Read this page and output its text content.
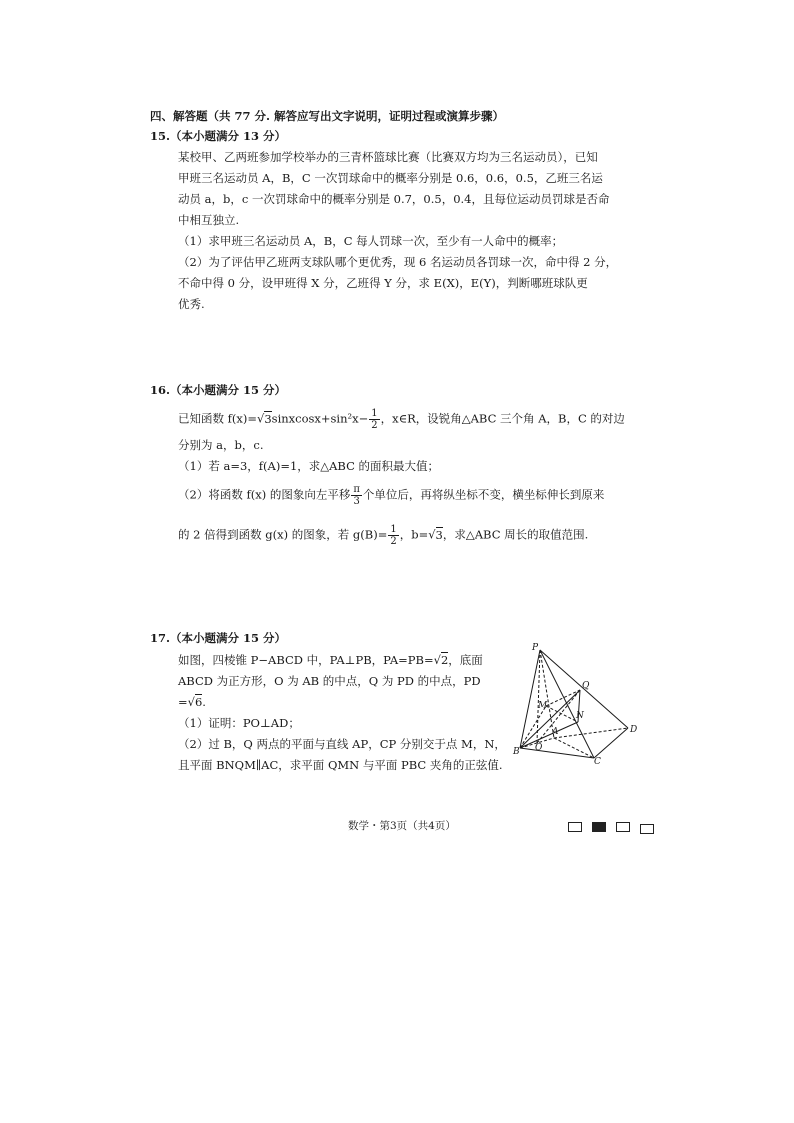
四、解答题（共 77 分. 解答应写出文字说明，证明过程或演算步骤）
15.（本小题满分 13 分）
某校甲、乙两班参加学校举办的三青杯篮球比赛（比赛双方均为三名运动员），已知
甲班三名运动员 A，B，C 一次罚球命中的概率分别是 0.6，0.6，0.5，乙班三名运
动员 a，b，c 一次罚球命中的概率分别是 0.7，0.5，0.4，且每位运动员罚球是否命
中相互独立.
（1）求甲班三名运动员 A，B，C 每人罚球一次，至少有一人命中的概率；
（2）为了评估甲乙班两支球队哪个更优秀，现 6 名运动员各罚球一次，命中得 2 分，
不命中得 0 分，设甲班得 X 分，乙班得 Y 分，求 E(X)，E(Y)，判断哪班球队更
优秀.
16.（本小题满分 15 分）
已知函数 f(x)=√3sinxcosx+sin²x− $\frac{1}{2}$ ，x∈R，设锐角△ABC 三个角 A，B，C 的对边
分别为 a，b，c.
（1）若 a=3，f(A)=1，求△ABC 的面积最大值；
（2）将函数 f(x) 的图象向左平移 $\frac{\pi}{3}$ 个单位后，再将纵坐标不变，横坐标伸长到原来
的 2 倍得到函数 g(x) 的图象，若 $g(B)= \frac{1}{2}$ ，b=√3，求△ABC 周长的取值范围.
17.（本小题满分 15 分）
如图，四棱锥 P−ABCD 中，PA⊥PB，PA=PB=√2，底面
ABCD 为正方形，O 为 AB 的中点，Q 为 PD 的中点，PD
=√6.
（1）证明：PO⊥AD；
（2）过 B，Q 两点的平面与直线 AP，CP 分别交于点 M，N，
且平面 BNQM∥AC，求平面 QMN 与平面 PBC 夹角的正弦值.
P
Q
M
N
A
B O
C
D
数学・第3页（共4页）
